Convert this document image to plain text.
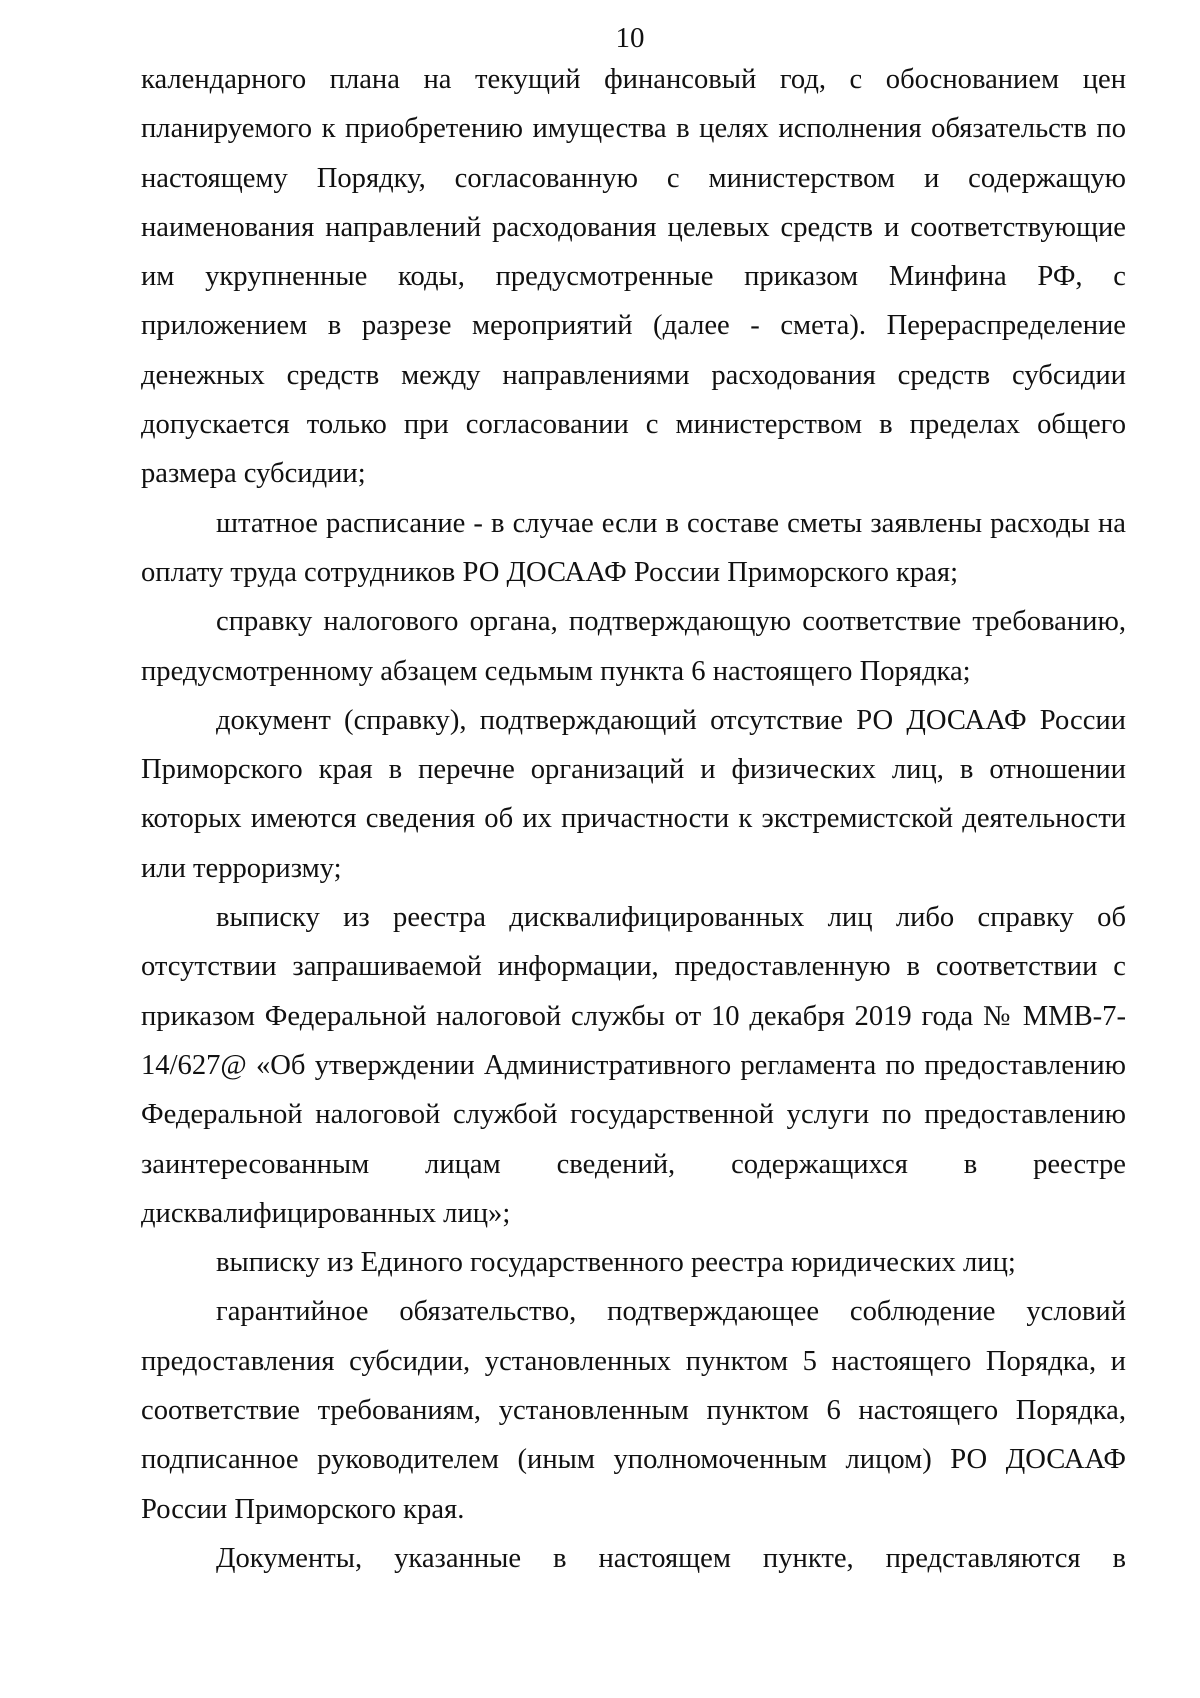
10

календарного плана на текущий финансовый год, с обоснованием цен планируемого к приобретению имущества в целях исполнения обязательств по настоящему Порядку, согласованную с министерством и содержащую наименования направлений расходования целевых средств и соответствующие им укрупненные коды, предусмотренные приказом Минфина РФ, с приложением в разрезе мероприятий (далее - смета). Перераспределение денежных средств между направлениями расходования средств субсидии допускается только при согласовании с министерством в пределах общего размера субсидии;

штатное расписание - в случае если в составе сметы заявлены расходы на оплату труда сотрудников РО ДОСААФ России Приморского края;

справку налогового органа, подтверждающую соответствие требованию, предусмотренному абзацем седьмым пункта 6 настоящего Порядка;

документ (справку), подтверждающий отсутствие РО ДОСААФ России Приморского края в перечне организаций и физических лиц, в отношении которых имеются сведения об их причастности к экстремистской деятельности или терроризму;

выписку из реестра дисквалифицированных лиц либо справку об отсутствии запрашиваемой информации, предоставленную в соответствии с приказом Федеральной налоговой службы от 10 декабря 2019 года № ММВ-7-14/627@ «Об утверждении Административного регламента по предоставлению Федеральной налоговой службой государственной услуги по предоставлению заинтересованным лицам сведений, содержащихся в реестре дисквалифицированных лиц»;

выписку из Единого государственного реестра юридических лиц;

гарантийное обязательство, подтверждающее соблюдение условий предоставления субсидии, установленных пунктом 5 настоящего Порядка, и соответствие требованиям, установленным пунктом 6 настоящего Порядка, подписанное руководителем (иным уполномоченным лицом) РО ДОСААФ России Приморского края.

Документы, указанные в настоящем пункте, представляются в
